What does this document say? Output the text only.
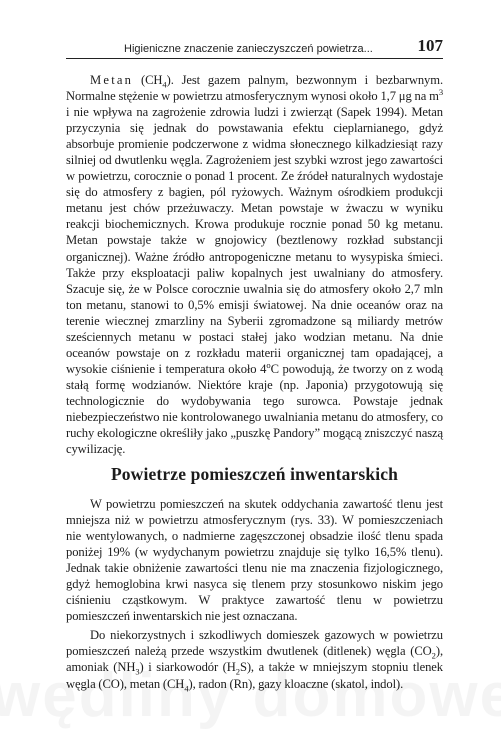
Higieniczne znaczenie zanieczyszczeń powietrza...	107

Metan $(CH_4)$. Jest gazem palnym, bezwonnym i bezbarwnym. Normalne stężenie w powietrzu atmosferycznym wynosi około 1,7 μg na $m^3$ i nie wpływa na zagrożenie zdrowia ludzi i zwierząt (Sapek 1994). Metan przyczynia się jednak do powstawania efektu cieplarnianego, gdyż absorbuje promienie podczerwone z widma słonecznego kilkadziesiąt razy silniej od dwutlenku węgla. Zagrożeniem jest szybki wzrost jego zawartości w powietrzu, corocznie o ponad 1 procent. Ze źródeł naturalnych wydostaje się do atmosfery z bagien, pól ryżowych. Ważnym ośrodkiem produkcji metanu jest chów przeżuwaczy. Metan powstaje w żwaczu w wyniku reakcji biochemicznych. Krowa produkuje rocznie ponad 50 kg metanu. Metan powstaje także w gnojowicy (beztlenowy rozkład substancji organicznej). Ważne źródło antropogeniczne metanu to wysypiska śmieci. Także przy eksploatacji paliw kopalnych jest uwalniany do atmosfery. Szacuje się, że w Polsce corocznie uwalnia się do atmosfery około 2,7 mln ton metanu, stanowi to 0,5% emisji światowej. Na dnie oceanów oraz na terenie wiecznej zmarzliny na Syberii zgromadzone są miliardy metrów sześciennych metanu w postaci stałej jako wodzian metanu. Na dnie oceanów powstaje on z rozkładu materii organicznej tam opadającej, a wysokie ciśnienie i temperatura około 4$^o$C powodują, że tworzy on z wodą stałą formę wodzianów. Niektóre kraje (np. Japonia) przygotowują się technologicznie do wydobywania tego surowca. Powstaje jednak niebezpieczeństwo nie kontrolowanego uwalniania metanu do atmosfery, co ruchy ekologiczne określiły jako „puszkę Pandory” mogącą zniszczyć naszą cywilizację.

Powietrze pomieszczeń inwentarskich

W powietrzu pomieszczeń na skutek oddychania zawartość tlenu jest mniejsza niż w powietrzu atmosferycznym (rys. 33). W pomieszczeniach nie wentylowanych, o nadmierne zagęszczonej obsadzie ilość tlenu spada poniżej 19% (w wydychanym powietrzu znajduje się tylko 16,5% tlenu). Jednak takie obniżenie zawartości tlenu nie ma znaczenia fizjologicznego, gdyż hemoglobina krwi nasyca się tlenem przy stosunkowo niskim jego ciśnieniu cząstkowym. W praktyce zawartość tlenu w powietrzu pomieszczeń inwentarskich nie jest oznaczana.

Do niekorzystnych i szkodliwych domieszek gazowych w powietrzu pomieszczeń należą przede wszystkim dwutlenek (ditlenek) węgla $(CO_2)$, amoniak $(NH_3)$ i siarkowodór $(H_2S)$, a także w mniejszym stopniu tlenek węgla (CO), metan $(CH_4)$, radon (Rn), gazy kloaczne (skatol, indol).
